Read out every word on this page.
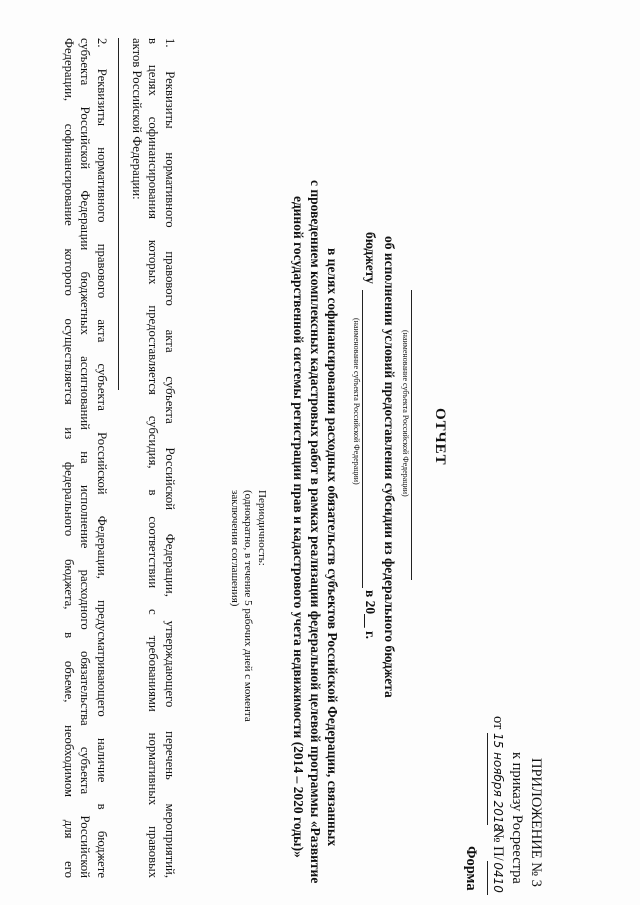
ПРИЛОЖЕНИЕ № 3
к приказу Росреестра
от 15 ноября 2018 № П/0410
Форма
ОТЧЕТ
(наименование субъекта Российской Федерации)
об исполнении условий предоставления субсидии из федерального бюджета
бюджету
(наименование субъекта Российской Федерации)
в 20__ г.
в целях софинансирования расходных обязательств субъектов Российской Федерации, связанных
с проведением комплексных кадастровых работ в рамках реализации федеральной целевой программы «Развитие
единой государственной системы регистрации прав и кадастрового учета недвижимости (2014 – 2020 годы)»
Периодичность:
(однократно, в течение 5 рабочих дней с момента
заключения соглашения)
1. Реквизиты нормативного правового акта субъекта Российской Федерации, утверждающего перечень мероприятий,
в целях софинансирования которых предоставляется субсидия, в соответствии с требованиями нормативных правовых
актов Российской Федерации:
2. Реквизиты нормативного правового акта субъекта Российской Федерации, предусматривающего наличие в бюджете
субъекта Российской Федерации бюджетных ассигнований на исполнение расходного обязательства субъекта Российской
Федерации, софинансирование которого осуществляется из федерального бюджета, в объеме, необходимом для его
